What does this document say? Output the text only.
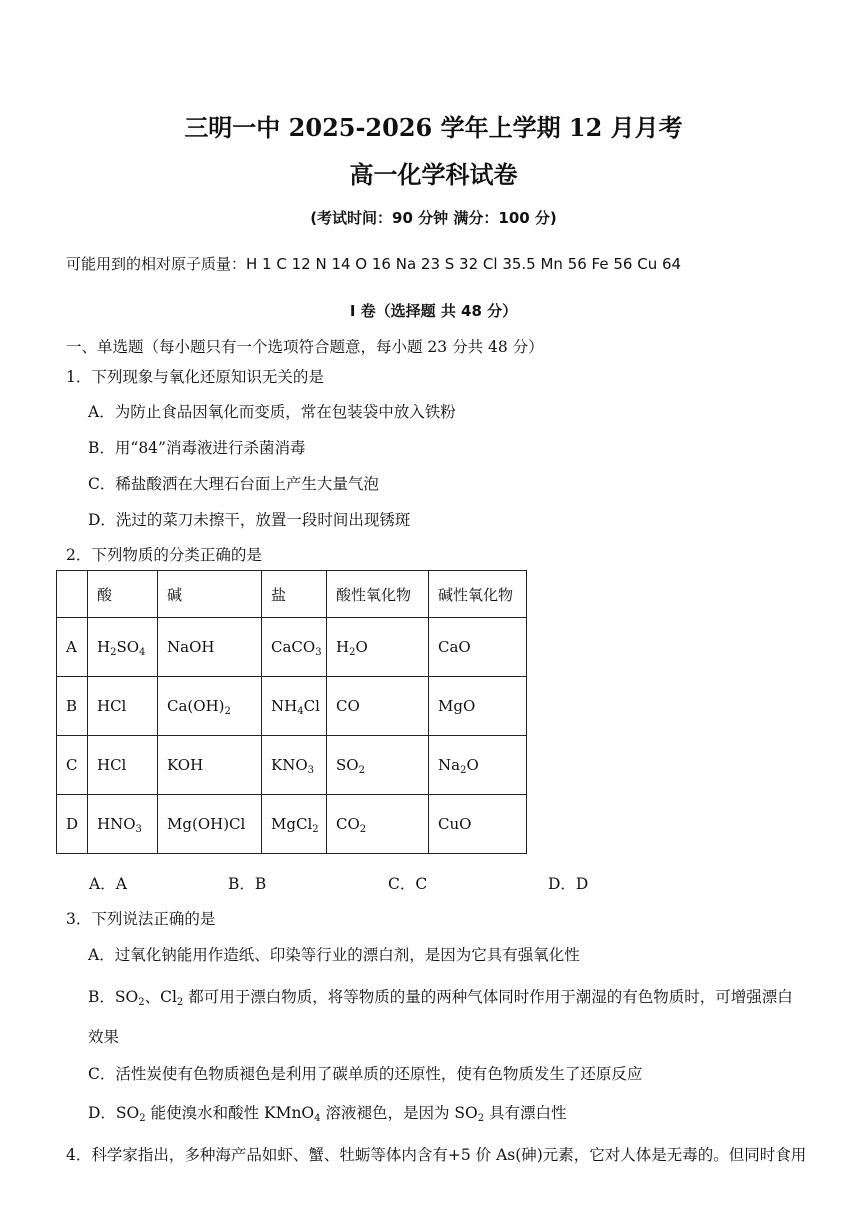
三明一中 2025-2026 学年上学期 12 月月考
高一化学科试卷
(考试时间：90 分钟 满分：100 分)
可能用到的相对原子质量：H 1 C 12 N 14 O 16 Na 23 S 32 Cl 35.5 Mn 56 Fe 56 Cu 64
I 卷（选择题 共 48 分）
一、单选题（每小题只有一个选项符合题意，每小题 23 分共 48 分）
1．下列现象与氧化还原知识无关的是
A．为防止食品因氧化而变质，常在包装袋中放入铁粉
B．用“84”消毒液进行杀菌消毒
C．稀盐酸洒在大理石台面上产生大量气泡
D．洗过的菜刀未擦干，放置一段时间出现锈斑
2．下列物质的分类正确的是
	酸	碱	盐	酸性氧化物	碱性氧化物
A	$H_2SO_4$	NaOH	CaCO$_3$	$H_2O$	CaO
B	HCl	$Ca(OH)_2$	$NH_4Cl$	CO	MgO
C	HCl	KOH	$KNO_3$	$SO_2$	$Na_2O$
D	$HNO_3$	Mg(OH)Cl	MgCl$_2$	$CO_2$	CuO
A．A	B．B	C．C	D．D
3．下列说法正确的是
A．过氧化钠能用作造纸、印染等行业的漂白剂，是因为它具有强氧化性
B．$SO_2$、$Cl_2$ 都可用于漂白物质，将等物质的量的两种气体同时作用于潮湿的有色物质时，可增强漂白
效果
C．活性炭使有色物质褪色是利用了碳单质的还原性，使有色物质发生了还原反应
D．$SO_2$ 能使溴水和酸性 KMnO$_4$ 溶液褪色，是因为 $SO_2$ 具有漂白性
4．科学家指出，多种海产品如虾、蟹、牡蛎等体内含有+5 价 As(砷)元素，它对人体是无毒的。但同时食用
